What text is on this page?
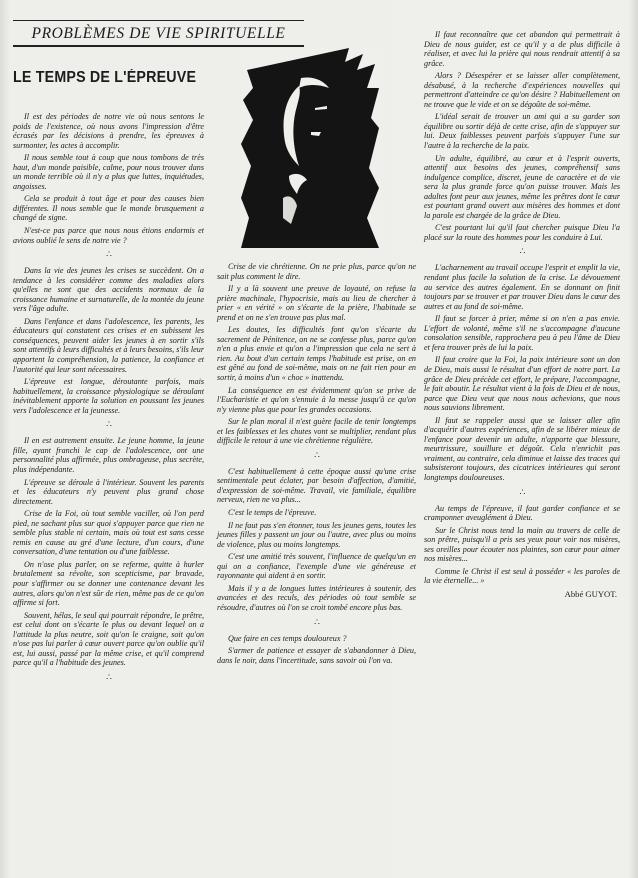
PROBLÈMES DE VIE SPIRITUELLE
LE TEMPS DE L'ÉPREUVE

Il est des périodes de notre vie où nous sentons le poids de l'existence, où nous avons l'impression d'être écrasés par les décisions à prendre, les épreuves à surmonter, les actes à accomplir.

Il nous semble tout à coup que nous tombons de très haut, d'un monde paisible, calme, pour nous trouver dans un monde terrible où il n'y a plus que luttes, inquiétudes, angoisses.

Cela se produit à tout âge et pour des causes bien différentes. Il nous semble que le monde brusquement a changé de signe.

N'est-ce pas parce que nous nous étions endormis et avions oublié le sens de notre vie ?

∴

Dans la vie des jeunes les crises se succèdent. On a tendance à les considérer comme des maladies alors qu'elles ne sont que des accidents normaux de la croissance humaine et surnaturelle, de la montée du jeune vers l'âge adulte.

Dans l'enfance et dans l'adolescence, les parents, les éducateurs qui constatent ces crises et en subissent les conséquences, peuvent aider les jeunes à en sortir s'ils sont attentifs à leurs difficultés et à leurs besoins, s'ils leur apportent la compréhension, la patience, la confiance et l'autorité qui leur sont nécessaires.

L'épreuve est longue, déroutante parfois, mais habituellement, la croissance physiologique se déroulant inévitablement apporte la solution en poussant les jeunes vers l'adolescence et la jeunesse.

∴

Il en est autrement ensuite. Le jeune homme, la jeune fille, ayant franchi le cap de l'adolescence, ont une personnalité plus affirmée, plus ombrageuse, plus secrète, plus indépendante.

L'épreuve se déroule à l'intérieur. Souvent les parents et les éducateurs n'y peuvent plus grand chose directement.

Crise de la Foi, où tout semble vaciller, où l'on perd pied, ne sachant plus sur quoi s'appuyer parce que rien ne semble plus stable ni certain, mais où tout est sans cesse remis en cause au gré d'une lecture, d'un cours, d'une conversation, d'une tentation ou d'une faiblesse.

On n'ose plus parler, on se referme, quitte à hurler brutalement sa révolte, son scepticisme, par bravade, pour s'affirmer ou se donner une contenance devant les autres, alors qu'on n'est sûr de rien, même pas de ce qu'on affirme si fort.

Souvent, hélas, le seul qui pourrait répondre, le prêtre, est celui dont on s'écarte le plus ou devant lequel on a l'attitude la plus neutre, soit qu'on le craigne, soit qu'on n'ose pas lui parler à cœur ouvert parce qu'on oublie qu'il est, lui aussi, passé par la même crise, et qu'il comprend parce qu'il a l'habitude des jeunes.

∴

Crise de vie chrétienne. On ne prie plus, parce qu'on ne sait plus comment le dire.

Il y a là souvent une preuve de loyauté, on refuse la prière machinale, l'hypocrisie, mais au lieu de chercher à prier « en vérité » on s'écarte de la prière, l'habitude se prend et on ne s'en trouve pas plus mal.

Les doutes, les difficultés font qu'on s'écarte du sacrement de Pénitence, on ne se confesse plus, parce qu'on n'en a plus envie et qu'on a l'impression que cela ne sert à rien. Au bout d'un certain temps l'habitude est prise, on en est gêné au fond de soi-même, mais on ne fait rien pour en sortir, à moins d'un « choc » inattendu.

La conséquence en est évidemment qu'on se prive de l'Eucharistie et qu'on s'ennuie à la messe jusqu'à ce qu'on n'y vienne plus que pour les grandes occasions.

Sur le plan moral il n'est guère facile de tenir longtemps et les faiblesses et les chutes vont se multiplier, rendant plus difficile le retour à une vie chrétienne régulière.

∴

C'est habituellement à cette époque aussi qu'une crise sentimentale peut éclater, par besoin d'affection, d'amitié, d'expression de soi-même. Travail, vie familiale, équilibre nerveux, rien ne va plus...

C'est le temps de l'épreuve.

Il ne faut pas s'en étonner, tous les jeunes gens, toutes les jeunes filles y passent un jour ou l'autre, avec plus ou moins de violence, plus ou moins longtemps.

C'est une amitié très souvent, l'influence de quelqu'un en qui on a confiance, l'exemple d'une vie généreuse et rayonnante qui aident à en sortir.

Mais il y a de longues luttes intérieures à soutenir, des avancées et des reculs, des périodes où tout semble se résoudre, d'autres où l'on se croit tombé encore plus bas.

∴

Que faire en ces temps douloureux ?

S'armer de patience et essayer de s'abandonner à Dieu, dans le noir, dans l'incertitude, sans savoir où l'on va.

Il faut reconnaître que cet abandon qui permettrait à Dieu de nous guider, est ce qu'il y a de plus difficile à réaliser, et avec lui la prière qui nous rendrait attentif à sa grâce.

Alors ? Désespérer et se laisser aller complètement, désabusé, à la recherche d'expériences nouvelles qui permettront d'atteindre ce qu'on désire ? Habituellement on ne trouve que le vide et on se dégoûte de soi-même.

L'idéal serait de trouver un ami qui a su garder son équilibre ou sortir déjà de cette crise, afin de s'appuyer sur lui. Deux faiblesses peuvent parfois s'appuyer l'une sur l'autre à la recherche de la paix.

Un adulte, équilibré, au cœur et à l'esprit ouverts, attentif aux besoins des jeunes, compréhensif sans indulgence complice, discret, jeune de caractère et de vie sera la plus grande force qu'on puisse trouver. Mais les adultes font peur aux jeunes, même les prêtres dont le cœur est pourtant grand ouvert aux misères des hommes et dont la parole est chargée de la grâce de Dieu.

C'est pourtant lui qu'il faut chercher puisque Dieu l'a placé sur la route des hommes pour les conduire à Lui.

∴

L'acharnement au travail occupe l'esprit et emplit la vie, rendant plus facile la solution de la crise. Le dévouement au service des autres également. En se donnant on finit toujours par se trouver et par trouver Dieu dans le cœur des autres et au fond de soi-même.

Il faut se forcer à prier, même si on n'en a pas envie. L'effort de volonté, même s'il ne s'accompagne d'aucune consolation sensible, rapprochera peu à peu l'âme de Dieu et fera trouver près de lui la paix.

Il faut croire que la Foi, la paix intérieure sont un don de Dieu, mais aussi le résultat d'un effort de notre part. La grâce de Dieu précède cet effort, le prépare, l'accompagne, le fait aboutir. Le résultat vient à la fois de Dieu et de nous, parce que Dieu veut que nous nous achevions, que nous nous sauvions librement.

Il faut se rappeler aussi que se laisser aller afin d'acquérir d'autres expériences, afin de se libérer mieux de l'enfance pour devenir un adulte, n'apporte que blessure, meurtrissure, souillure et dégoût. Cela n'enrichit pas vraiment, au contraire, cela diminue et laisse des traces qui subsisteront toujours, des cicatrices intérieures qui seront longtemps douloureuses.

∴

Au temps de l'épreuve, il faut garder confiance et se cramponner aveuglément à Dieu.

Sur le Christ nous tend la main au travers de celle de son prêtre, puisqu'il a pris ses yeux pour voir nos misères, ses oreilles pour écouter nos plaintes, son cœur pour aimer nos misères...

Comme le Christ il est seul à posséder « les paroles de la vie éternelle... »

Abbé GUYOT.
